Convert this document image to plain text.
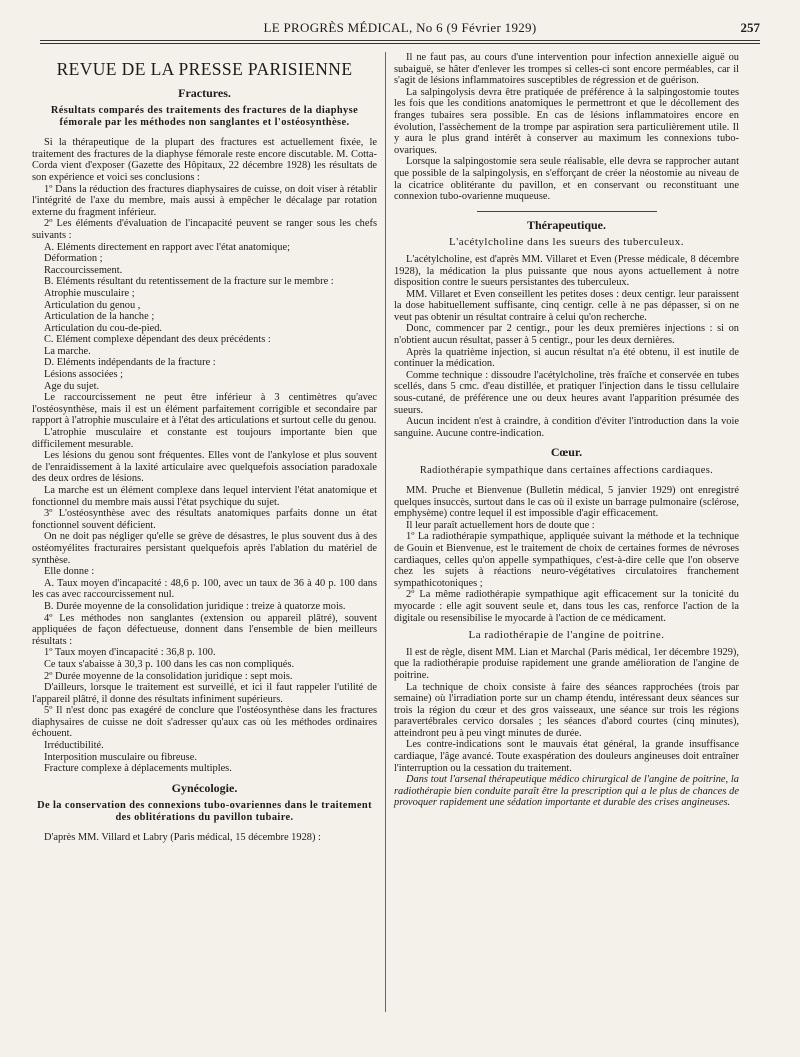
LE PROGRÈS MÉDICAL, No 6 (9 Février 1929)	257
REVUE DE LA PRESSE PARISIENNE
Fractures.
Résultats comparés des traitements des fractures de la diaphyse fémorale par les méthodes non sanglantes et l'ostéosynthèse.

Si la thérapeutique de la plupart des fractures est actuellement fixée, le traitement des fractures de la diaphyse fémorale reste encore discutable. M. Cotta-Corda vient d'exposer (Gazette des Hôpitaux, 22 décembre 1928) les résultats de son expérience et voici ses conclusions :

1º Dans la réduction des fractures diaphysaires de cuisse, on doit viser à rétablir l'intégrité de l'axe du membre, mais aussi à empêcher le décalage par rotation externe du fragment inférieur.

2º Les éléments d'évaluation de l'incapacité peuvent se ranger sous les chefs suivants :

A. Eléments directement en rapport avec l'état anatomique;

Déformation ;

Raccourcissement.

B. Eléments résultant du retentissement de la fracture sur le membre :

Atrophie musculaire ;

Articulation du genou ,

Articulation de la hanche ;

Articulation du cou-de-pied.

C. Elément complexe dépendant des deux précédents :

La marche.

D. Eléments indépendants de la fracture :

Lésions associées ;

Age du sujet.

Le raccourcissement ne peut être inférieur à 3 centimètres qu'avec l'ostéosynthèse, mais il est un élément parfaitement corrigible et secondaire par rapport à l'atrophie musculaire et à l'état des articulations et surtout celle du genou.

L'atrophie musculaire et constante est toujours importante bien que difficilement mesurable.

Les lésions du genou sont fréquentes. Elles vont de l'ankylose et plus souvent de l'enraidissement à la laxité articulaire avec quelquefois association paradoxale des deux ordres de lésions.

La marche est un élément complexe dans lequel intervient l'état anatomique et fonctionnel du membre mais aussi l'état psychique du sujet.

3º L'ostéosynthèse avec des résultats anatomiques parfaits donne un état fonctionnel souvent déficient.

On ne doit pas négliger qu'elle se grève de désastres, le plus souvent dus à des ostéomyélites fracturaires persistant quelquefois après l'ablation du matériel de synthèse.

Elle donne :

A. Taux moyen d'incapacité : 48,6 p. 100, avec un taux de 36 à 40 p. 100 dans les cas avec raccourcissement nul.

B. Durée moyenne de la consolidation juridique : treize à quatorze mois.

4º Les méthodes non sanglantes (extension ou appareil plâtré), souvent appliquées de façon défectueuse, donnent dans l'ensemble de bien meilleurs résultats :

1º Taux moyen d'incapacité : 36,8 p. 100.

Ce taux s'abaisse à 30,3 p. 100 dans les cas non compliqués.

2º Durée moyenne de la consolidation juridique : sept mois.

D'ailleurs, lorsque le traitement est surveillé, et ici il faut rappeler l'utilité de l'appareil plâtré, il donne des résultats infiniment supérieurs.

5º Il n'est donc pas exagéré de conclure que l'ostéosynthèse dans les fractures diaphysaires de cuisse ne doit s'adresser qu'aux cas où les méthodes ordinaires échouent.

Irréductibilité.

Interposition musculaire ou fibreuse.

Fracture complexe à déplacements multiples.

Gynécologie.
De la conservation des connexions tubo-ovariennes dans le traitement des oblitérations du pavillon tubaire.

D'après MM. Villard et Labry (Paris médical, 15 décembre 1928) :

Il ne faut pas, au cours d'une intervention pour infection annexielle aiguë ou subaiguë, se hâter d'enlever les trompes si celles-ci sont encore perméables, car il s'agit de lésions inflammatoires susceptibles de régression et de guérison.

La salpingolysis devra être pratiquée de préférence à la salpingostomie toutes les fois que les conditions anatomiques le permettront et que le décollement des franges tubaires sera possible. En cas de lésions inflammatoires encore en évolution, l'assèchement de la trompe par aspiration sera particulièrement utile. Il y aura le plus grand intérêt à conserver au maximum les connexions tubo-ovariques.

Lorsque la salpingostomie sera seule réalisable, elle devra se rapprocher autant que possible de la salpingolysis, en s'efforçant de créer la néostomie au niveau de la cicatrice oblitérante du pavillon, et en conservant ou reconstituant une connexion tubo-ovarienne muqueuse.

Thérapeutique.
L'acétylcholine dans les sueurs des tuberculeux.

L'acétylcholine, est d'après MM. Villaret et Even (Presse médicale, 8 décembre 1928), la médication la plus puissante que nous ayons actuellement à notre disposition contre le sueurs persistantes des tuberculeux.

MM. Villaret et Even conseillent les petites doses : deux centigr. leur paraissent la dose habituellement suffisante, cinq centigr. celle à ne pas dépasser, si on ne veut pas obtenir un résultat contraire à celui qu'on recherche.

Donc, commencer par 2 centigr., pour les deux premières injections : si on n'obtient aucun résultat, passer à 5 centigr., pour les deux dernières.

Après la quatrième injection, si aucun résultat n'a été obtenu, il est inutile de continuer la médication.

Comme technique : dissoudre l'acétylcholine, très fraîche et conservée en tubes scellés, dans 5 cmc. d'eau distillée, et pratiquer l'injection dans le tissu cellulaire sous-cutané, de préférence une ou deux heures avant l'apparition présumée des sueurs.

Aucun incident n'est à craindre, à condition d'éviter l'introduction dans la voie sanguine. Aucune contre-indication.

Cœur.
Radiothérapie sympathique dans certaines affections cardiaques.

MM. Pruche et Bienvenue (Bulletin médical, 5 janvier 1929) ont enregistré quelques insuccès, surtout dans le cas où il existe un barrage pulmonaire (sclérose, emphysème) contre lequel il est impossible d'agir efficacement.

Il leur paraît actuellement hors de doute que :

1º La radiothérapie sympathique, appliquée suivant la méthode et la technique de Gouin et Bienvenue, est le traitement de choix de certaines formes de névroses cardiaques, celles qu'on appelle sympathiques, c'est-à-dire celle que l'on observe chez les sujets à réactions neuro-végétatives circulatoires franchement sympathicotoniques ;

2º La même radiothérapie sympathique agit efficacement sur la tonicité du myocarde : elle agit souvent seule et, dans tous les cas, renforce l'action de la digitale ou resensibilise le myocarde à l'action de ce médicament.

La radiothérapie de l'angine de poitrine.

Il est de règle, disent MM. Lian et Marchal (Paris médical, 1er décembre 1929), que la radiothérapie produise rapidement une grande amélioration de l'angine de poitrine.

La technique de choix consiste à faire des séances rapprochées (trois par semaine) où l'irradiation porte sur un champ étendu, intéressant deux séances sur trois la région du cœur et des gros vaisseaux, une séance sur trois les régions paravertébrales cervico dorsales ; les séances d'abord courtes (cinq minutes), atteindront peu à peu vingt minutes de durée.

Les contre-indications sont le mauvais état général, la grande insuffisance cardiaque, l'âge avancé. Toute exaspération des douleurs angineuses doit entraîner l'interruption ou la cessation du traitement.

Dans tout l'arsenal thérapeutique médico chirurgical de l'angine de poitrine, la radiothérapie bien conduite paraît être la prescription qui a le plus de chances de provoquer rapidement une sédation importante et durable des crises angineuses.
